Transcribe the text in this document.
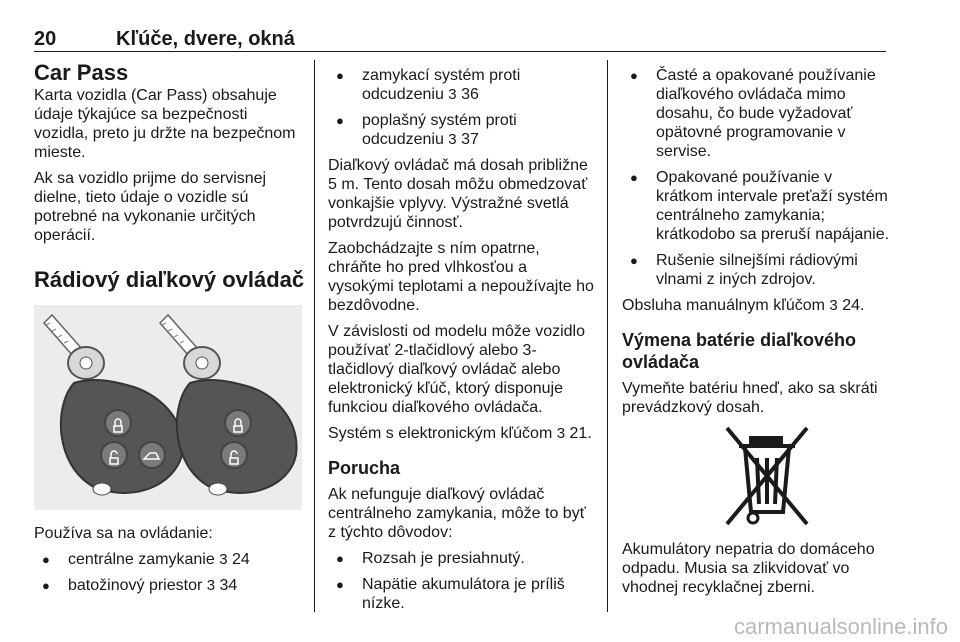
20	Kľúče, dvere, okná
Car Pass

Karta vozidla (Car Pass) obsahuje údaje týkajúce sa bezpečnosti vozidla, preto ju držte na bezpečnom mieste.

Ak sa vozidlo prijme do servisnej dielne, tieto údaje o vozidle sú potrebné na vykonanie určitých operácií.

Rádiový diaľkový ovládač

Používa sa na ovládanie:

● centrálne zamykanie 3 24
● batožinový priestor 3 34
● zamykací systém proti odcudzeniu 3 36
● poplašný systém proti odcudzeniu 3 37

Diaľkový ovládač má dosah približne 5 m. Tento dosah môžu obmedzovať vonkajšie vplyvy. Výstražné svetlá potvrdzujú činnosť.

Zaobchádzajte s ním opatrne, chráňte ho pred vlhkosťou a vysokými teplotami a nepoužívajte ho bezdôvodne.

V závislosti od modelu môže vozidlo používať 2-tlačidlový alebo 3-tlačidlový diaľkový ovládač alebo elektronický kľúč, ktorý disponuje funkciou diaľkového ovládača.

Systém s elektronickým kľúčom 3 21.

Porucha

Ak nefunguje diaľkový ovládač centrálneho zamykania, môže to byť z týchto dôvodov:

● Rozsah je presiahnutý.
● Napätie akumulátora je príliš nízke.
● Časté a opakované používanie diaľkového ovládača mimo dosahu, čo bude vyžadovať opätovné programovanie v servise.
● Opakované používanie v krátkom intervale preťaží systém centrálneho zamykania; krátkodobo sa preruší napájanie.
● Rušenie silnejšími rádiovými vlnami z iných zdrojov.

Obsluha manuálnym kľúčom 3 24.

Výmena batérie diaľkového ovládača

Vymeňte batériu hneď, ako sa skráti prevádzkový dosah.

Akumulátory nepatria do domáceho odpadu. Musia sa zlikvidovať vo vhodnej recyklačnej zberni.

carmanualsonline.info
